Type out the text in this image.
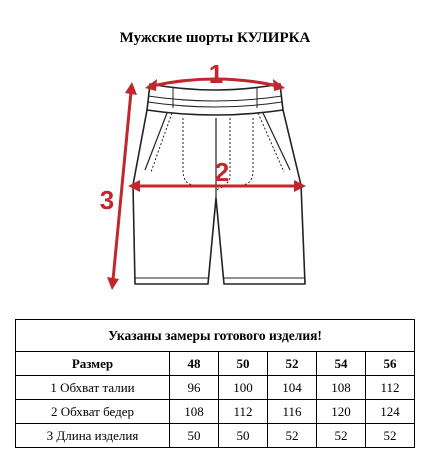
Мужские шорты КУЛИРКА
1
2
3
Указаны замеры готового изделия!					
Размер	48	50	52	54	56
1 Обхват талии	96	100	104	108	112
2 Обхват бедер	108	112	116	120	124
3 Длина изделия	50	50	52	52	52
